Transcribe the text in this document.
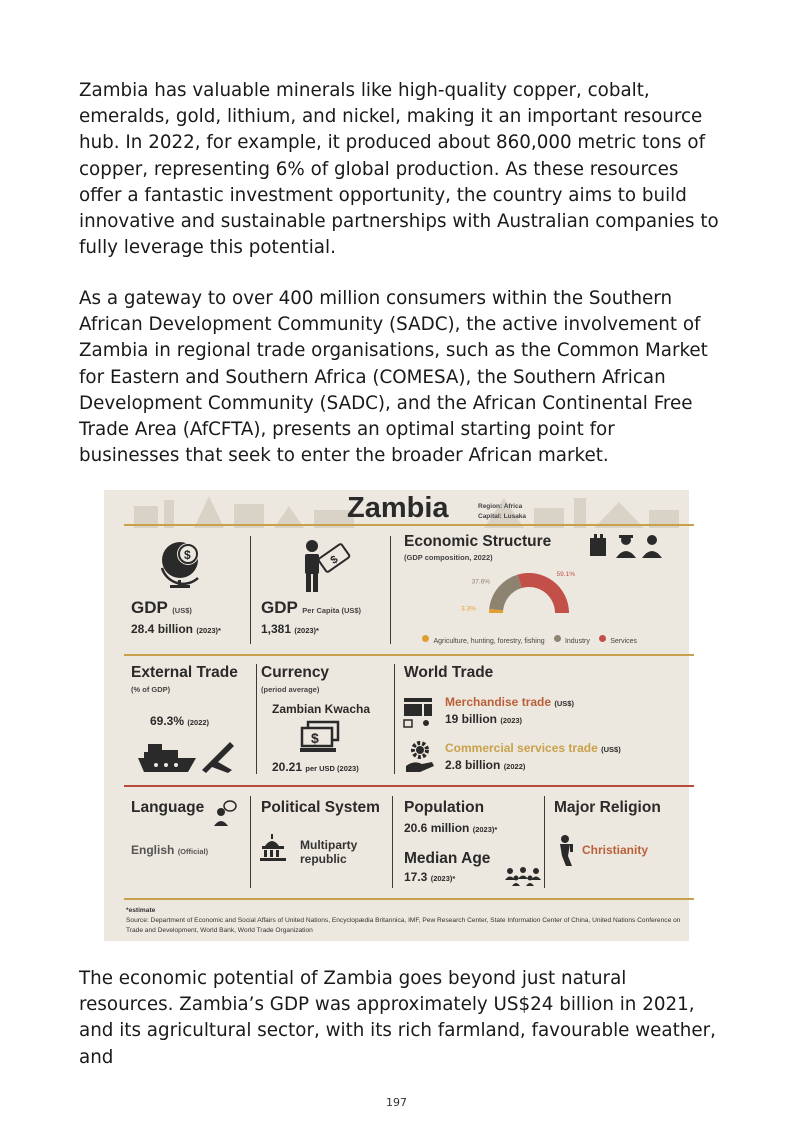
Zambia has valuable minerals like high-quality copper, cobalt, emeralds, gold, lithium, and nickel, making it an important resource hub. In 2022, for example, it produced about 860,000 metric tons of copper, representing 6% of global production. As these resources offer a fantastic investment opportunity, the country aims to build innovative and sustainable partnerships with Australian companies to fully leverage this potential.

As a gateway to over 400 million consumers within the Southern African Development Community (SADC), the active involvement of Zambia in regional trade organisations, such as the Common Market for Eastern and Southern Africa (COMESA), the Southern African Development Community (SADC), and the African Continental Free Trade Area (AfCFTA), presents an optimal starting point for businesses that seek to enter the broader African market.

Zambia	Region: Africa
Capital: Lusaka
$
GDP (US$)
28.4 billion (2023)*
$
GDP Per Capita (US$)
1,381 (2023)*
Economic Structure
(GDP composition, 2022)
3.3%
37.6%
59.1%
Agriculture, hunting, forestry, fishing	Industry	Services
External Trade
(% of GDP)
69.3% (2022)
Currency
(period average)
Zambian Kwacha
$
20.21 per USD (2023)
World Trade
Merchandise trade (US$)
19 billion (2023)
Commercial services trade (US$)
2.8 billion (2022)
Language
English (Official)
Political System
Multiparty
republic
Population
20.6 million (2023)*
Median Age
17.3 (2023)*
Major Religion
Christianity
*estimate
Source: Department of Economic and Social Affairs of United Nations, Encyclopædia Britannica, IMF, Pew Research Center, State Information Center of China, United Nations Conference on Trade and Development, World Bank, World Trade Organization

The economic potential of Zambia goes beyond just natural resources. Zambia’s GDP was approximately US$24 billion in 2021, and its agricultural sector, with its rich farmland, favourable weather, and

197
